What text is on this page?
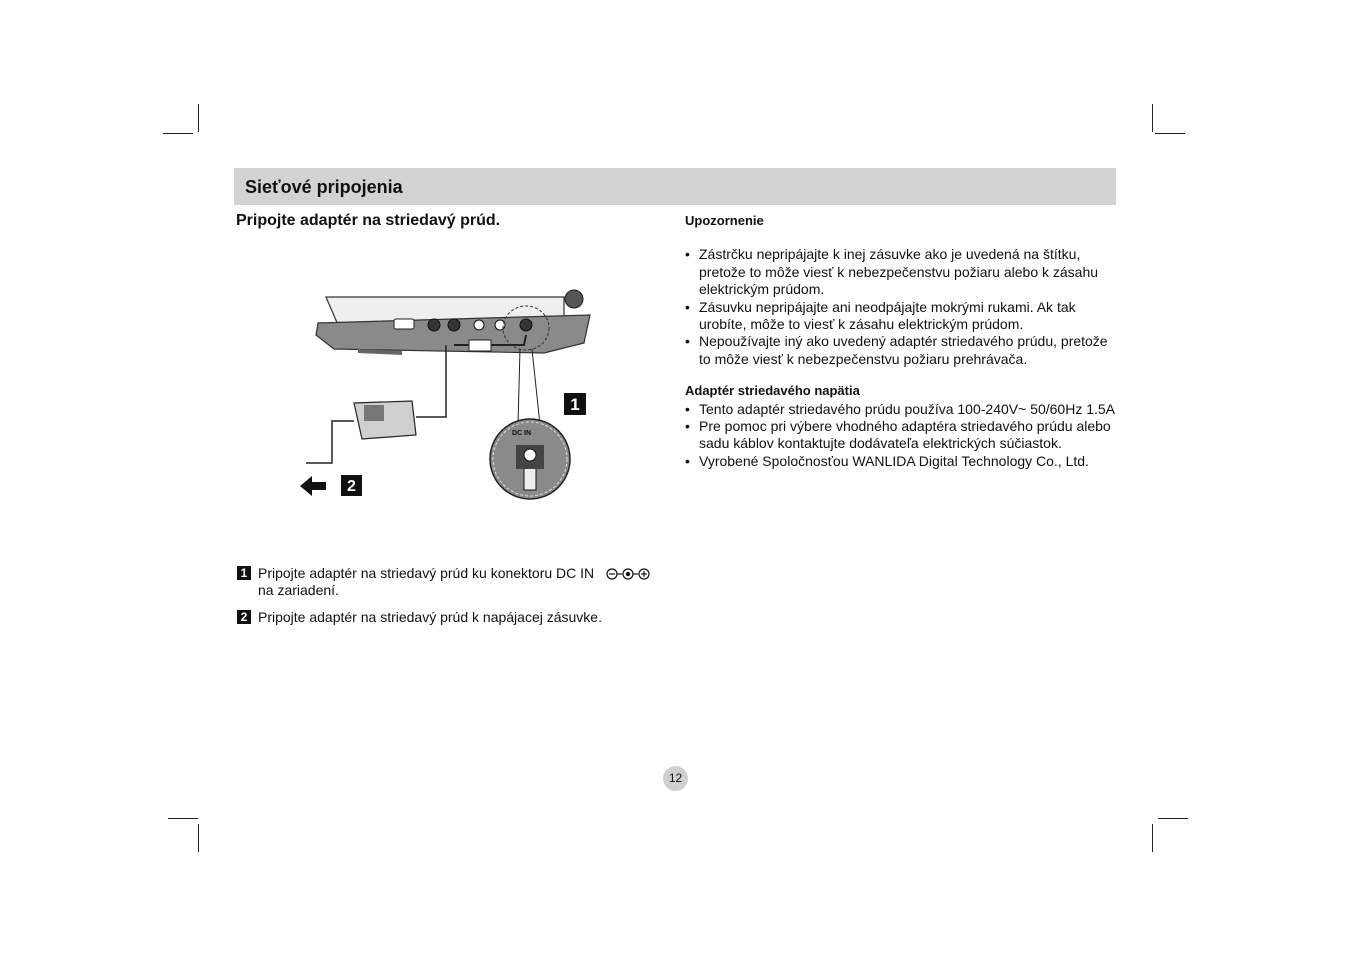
Sieťové pripojenia
Pripojte adaptér na striedavý prúd.
DC IN
1
2
1 Pripojte adaptér na striedavý prúd ku konektoru DC IN
na zariadení.
2 Pripojte adaptér na striedavý prúd k napájacej zásuvke.
Upozornenie
• Zástrčku nepripájajte k inej zásuvke ako je uvedená na štítku, pretože to môže viesť k nebezpečenstvu požiaru alebo k zásahu elektrickým prúdom.
• Zásuvku nepripájajte ani neodpájajte mokrými rukami. Ak tak urobíte, môže to viesť k zásahu elektrickým prúdom.
• Nepoužívajte iný ako uvedený adaptér striedavého prúdu, pretože to môže viesť k nebezpečenstvu požiaru prehrávača.
Adaptér striedavého napätia
• Tento adaptér striedavého prúdu používa 100-240V~ 50/60Hz 1.5A
• Pre pomoc pri výbere vhodného adaptéra striedavého prúdu alebo sadu káblov kontaktujte dodávateľa elektrických súčiastok.
• Vyrobené Spoločnosťou WANLIDA Digital Technology Co., Ltd.
12
